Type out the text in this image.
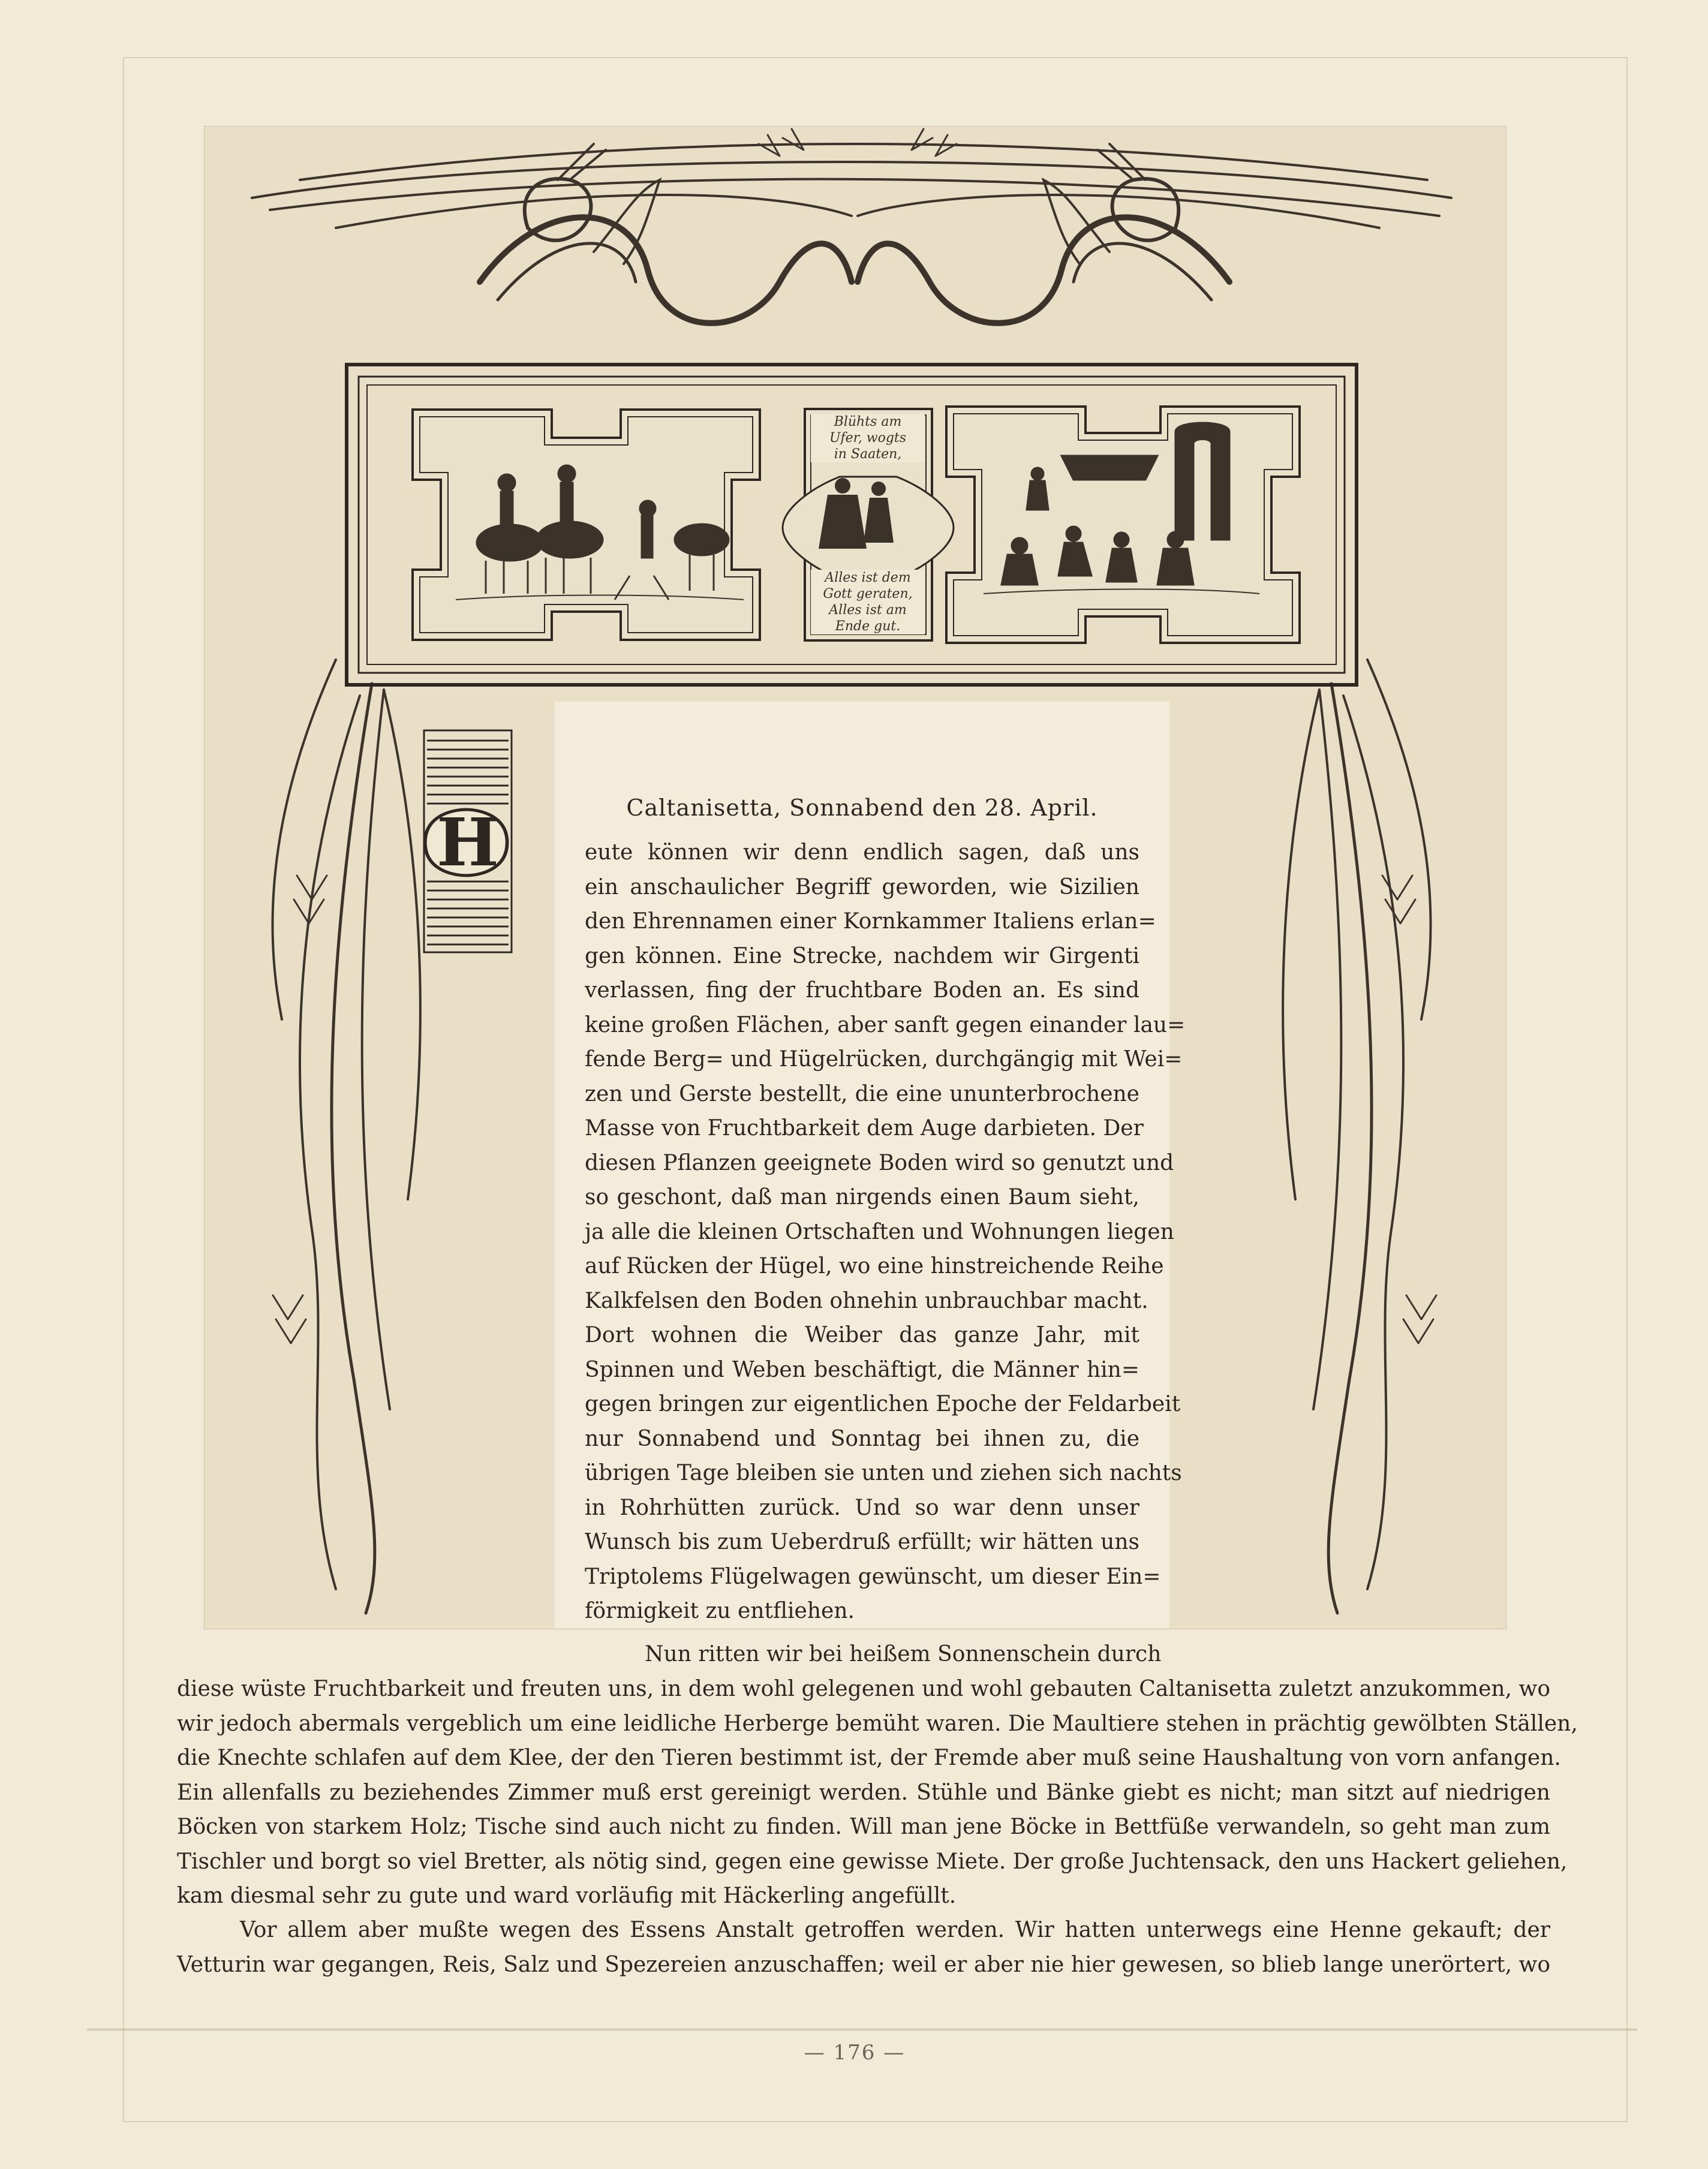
Blühts am
Ufer, wogts
in Saaten,
Alles ist dem
Gott geraten,
Alles ist am
Ende gut.
H	Caltanisetta, Sonnabend den 28. April.
eute können wir denn endlich sagen, daß uns
ein anschaulicher Begriff geworden, wie Sizilien
den Ehrennamen einer Kornkammer Italiens erlan=
gen können. Eine Strecke, nachdem wir Girgenti
verlassen, fing der fruchtbare Boden an. Es sind
keine großen Flächen, aber sanft gegen einander lau=
fende Berg= und Hügelrücken, durchgängig mit Wei=
zen und Gerste bestellt, die eine ununterbrochene
Masse von Fruchtbarkeit dem Auge darbieten. Der
diesen Pflanzen geeignete Boden wird so genutzt und
so geschont, daß man nirgends einen Baum sieht,
ja alle die kleinen Ortschaften und Wohnungen liegen
auf Rücken der Hügel, wo eine hinstreichende Reihe
Kalkfelsen den Boden ohnehin unbrauchbar macht.
Dort wohnen die Weiber das ganze Jahr, mit
Spinnen und Weben beschäftigt, die Männer hin=
gegen bringen zur eigentlichen Epoche der Feldarbeit
nur Sonnabend und Sonntag bei ihnen zu, die
übrigen Tage bleiben sie unten und ziehen sich nachts
in Rohrhütten zurück. Und so war denn unser
Wunsch bis zum Ueberdruß erfüllt; wir hätten uns
Triptolems Flügelwagen gewünscht, um dieser Ein=
förmigkeit zu entfliehen.
Nun ritten wir bei heißem Sonnenschein durch
diese wüste Fruchtbarkeit und freuten uns, in dem wohl gelegenen und wohl gebauten Caltanisetta zuletzt anzukommen, wo
wir jedoch abermals vergeblich um eine leidliche Herberge bemüht waren. Die Maultiere stehen in prächtig gewölbten Ställen,
die Knechte schlafen auf dem Klee, der den Tieren bestimmt ist, der Fremde aber muß seine Haushaltung von vorn anfangen.
Ein allenfalls zu beziehendes Zimmer muß erst gereinigt werden. Stühle und Bänke giebt es nicht; man sitzt auf niedrigen
Böcken von starkem Holz; Tische sind auch nicht zu finden. Will man jene Böcke in Bettfüße verwandeln, so geht man zum
Tischler und borgt so viel Bretter, als nötig sind, gegen eine gewisse Miete. Der große Juchtensack, den uns Hackert geliehen,
kam diesmal sehr zu gute und ward vorläufig mit Häckerling angefüllt.
Vor allem aber mußte wegen des Essens Anstalt getroffen werden. Wir hatten unterwegs eine Henne gekauft; der
Vetturin war gegangen, Reis, Salz und Spezereien anzuschaffen; weil er aber nie hier gewesen, so blieb lange unerörtert, wo
— 176 —
